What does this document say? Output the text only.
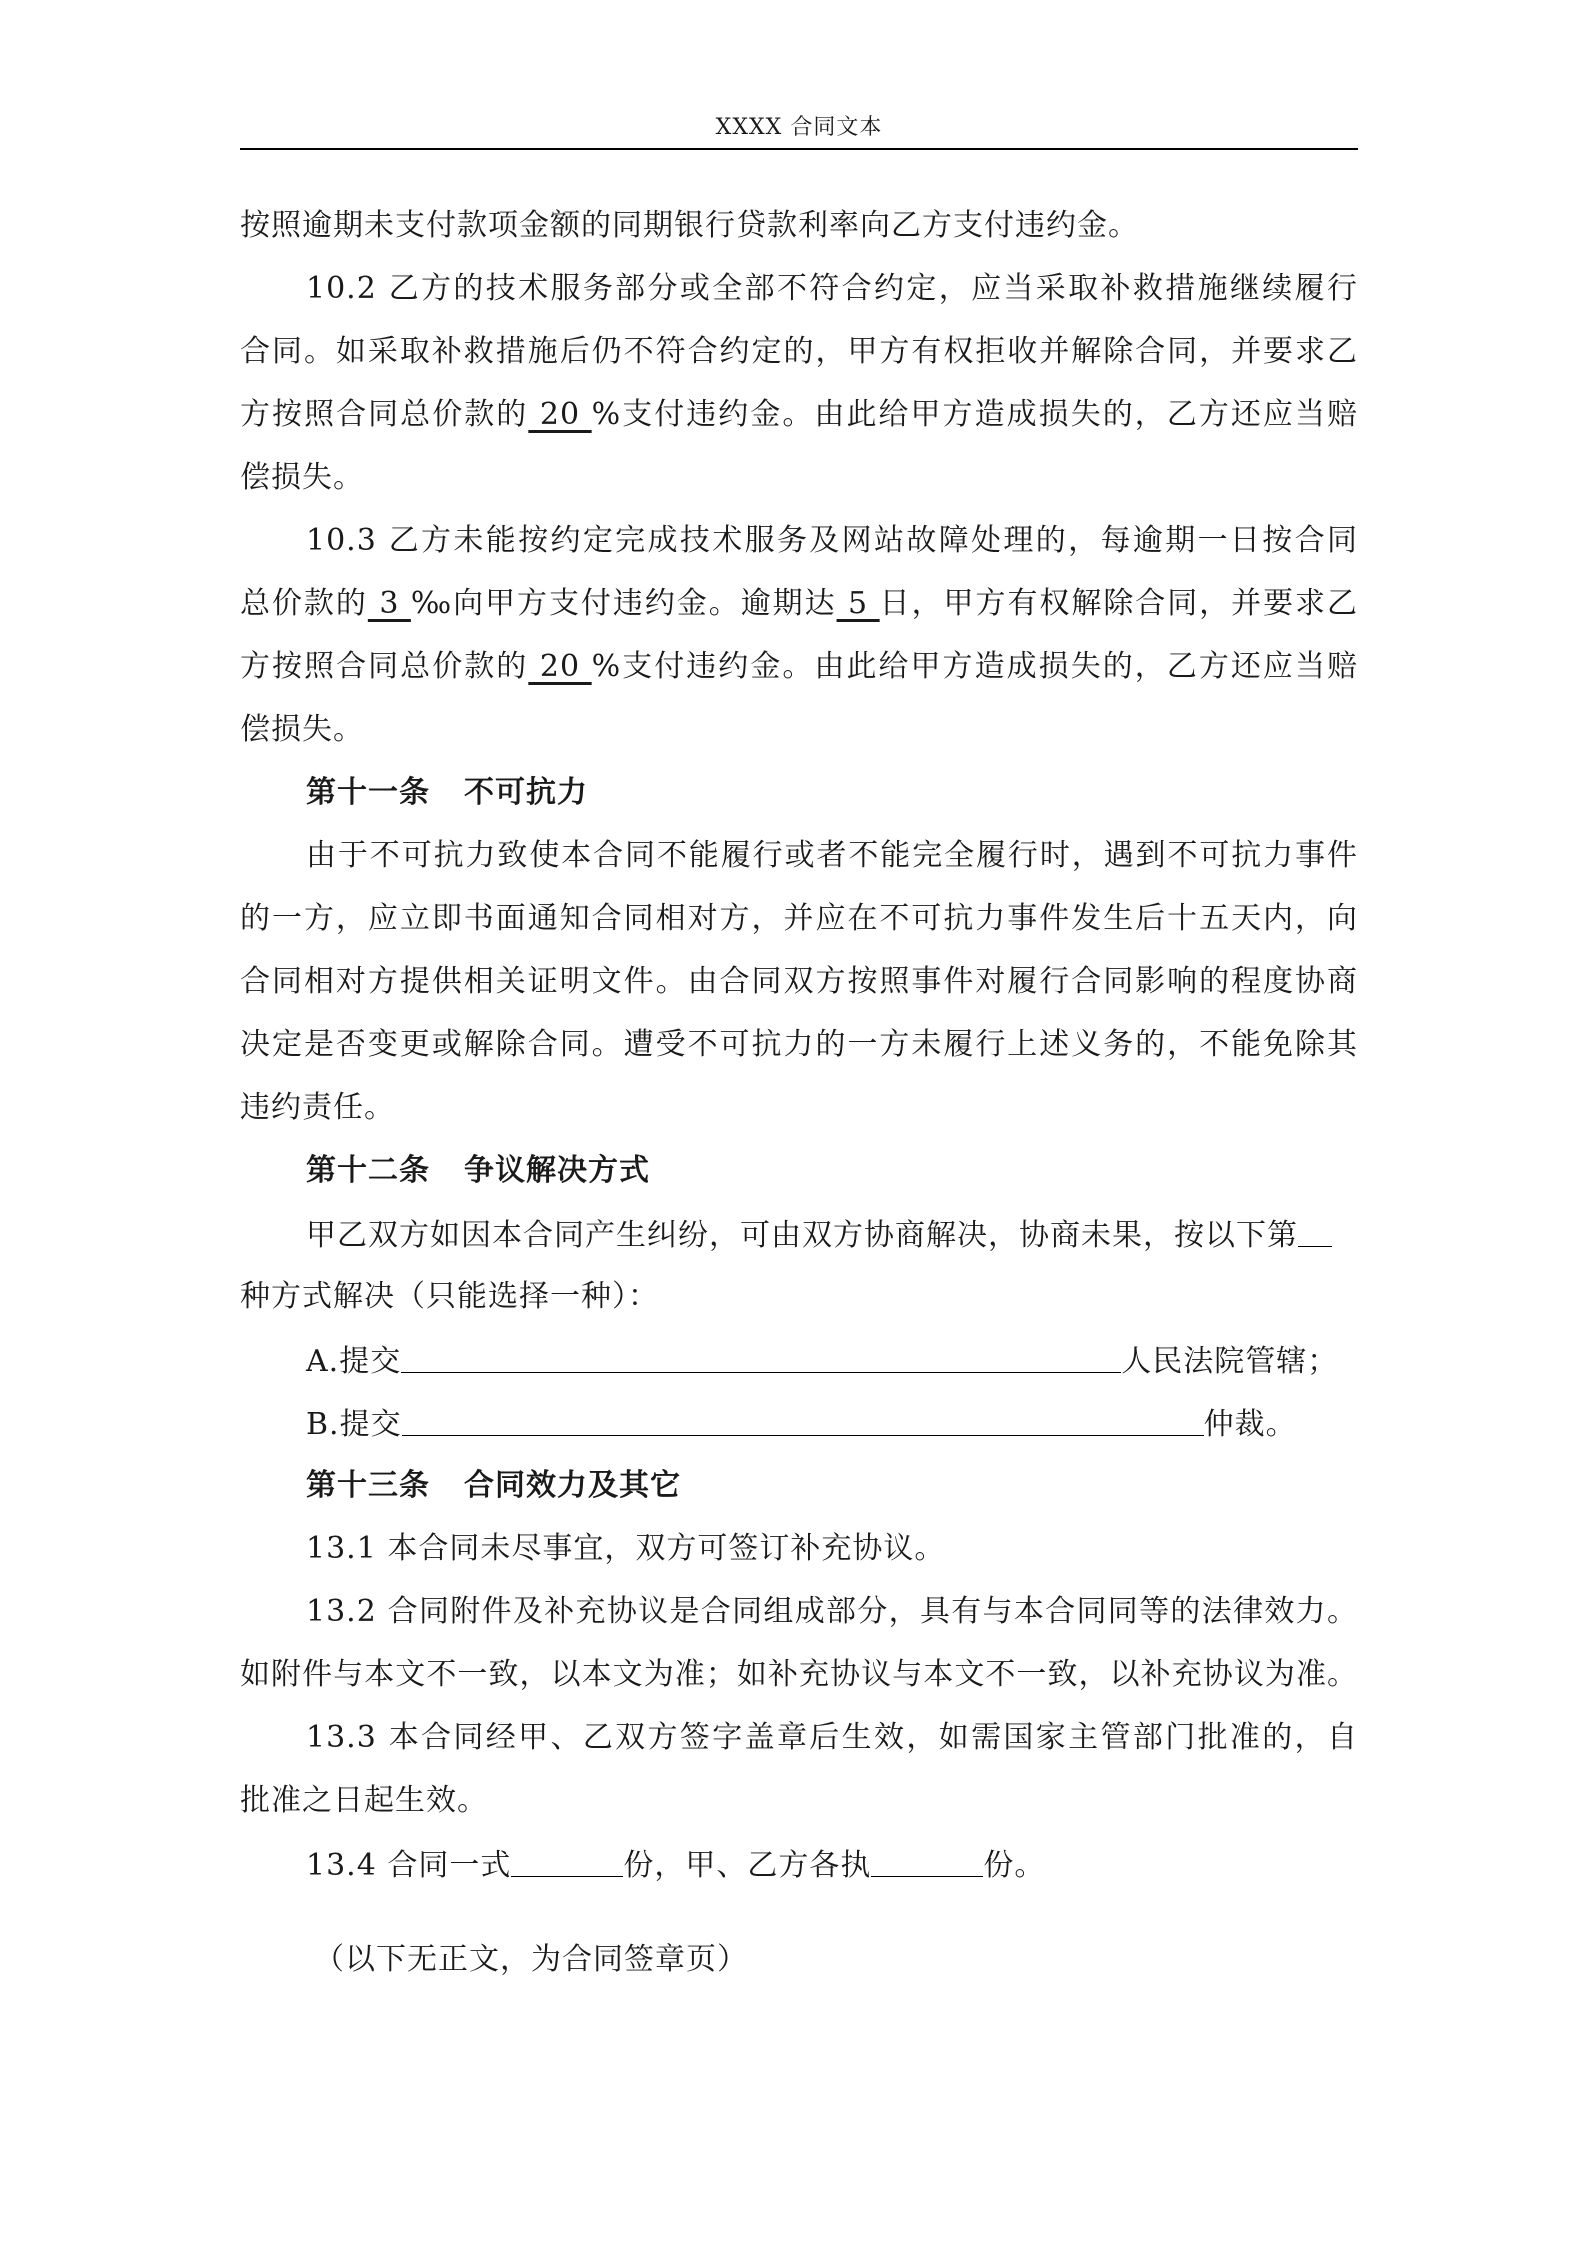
XXXX 合同文本
按照逾期未支付款项金额的同期银行贷款利率向乙方支付违约金。
10.2 乙方的技术服务部分或全部不符合约定，应当采取补救措施继续履行
合同。如采取补救措施后仍不符合约定的，甲方有权拒收并解除合同，并要求乙
方按照合同总价款的 20 %支付违约金。由此给甲方造成损失的，乙方还应当赔
偿损失。
10.3 乙方未能按约定完成技术服务及网站故障处理的，每逾期一日按合同
总价款的 3 ‰向甲方支付违约金。逾期达 5 日，甲方有权解除合同，并要求乙
方按照合同总价款的 20 %支付违约金。由此给甲方造成损失的，乙方还应当赔
偿损失。
第十一条 不可抗力
由于不可抗力致使本合同不能履行或者不能完全履行时，遇到不可抗力事件
的一方，应立即书面通知合同相对方，并应在不可抗力事件发生后十五天内，向
合同相对方提供相关证明文件。由合同双方按照事件对履行合同影响的程度协商
决定是否变更或解除合同。遭受不可抗力的一方未履行上述义务的，不能免除其
违约责任。
第十二条 争议解决方式
甲乙双方如因本合同产生纠纷，可由双方协商解决，协商未果，按以下第
种方式解决（只能选择一种）：
A.提交	人民法院管辖；
B.提交	仲裁。
第十三条 合同效力及其它
13.1 本合同未尽事宜，双方可签订补充协议。
13.2 合同附件及补充协议是合同组成部分，具有与本合同同等的法律效力。
如附件与本文不一致，以本文为准；如补充协议与本文不一致，以补充协议为准。
13.3 本合同经甲、乙双方签字盖章后生效，如需国家主管部门批准的，自
批准之日起生效。
13.4 合同一式	份，甲、乙方各执	份。
（以下无正文，为合同签章页）
